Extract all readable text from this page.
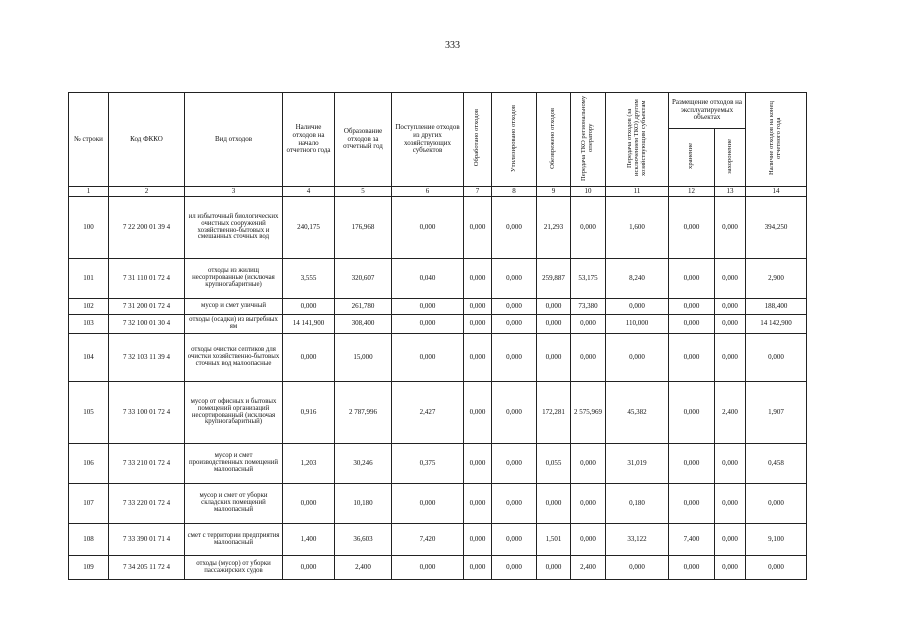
333
№ строки	Код ФККО	Вид отходов	Наличие отходов на начало отчетного года	Образование отходов за отчетный год	Поступление отходов из других хозяйствующих субъектов	Обработано отходов	Утилизировано отходов	Обезврежено отходов	Передача ТКО региональному оператору	Передача отходов (за исключением ТКО) другим хозяйствующим субъектам	Размещение отходов на эксплуатируемых объектах		Наличие отходов на конец отчетного года
											хранение	захоронение	
1	2	3	4	5	6	7	8	9	10	11	12	13	14
100	7 22 200 01 39 4	ил избыточный биологических очистных сооружений хозяйственно-бытовых и смешанных сточных вод	240,175	176,968	0,000	0,000	0,000	21,293	0,000	1,600	0,000	0,000	394,250
101	7 31 110 01 72 4	отходы из жилищ несортированные (исключая крупногабаритные)	3,555	320,607	0,040	0,000	0,000	259,887	53,175	8,240	0,000	0,000	2,900
102	7 31 200 01 72 4	мусор и смет уличный	0,000	261,780	0,000	0,000	0,000	0,000	73,380	0,000	0,000	0,000	188,400
103	7 32 100 01 30 4	отходы (осадки) из выгребных ям	14 141,900	308,400	0,000	0,000	0,000	0,000	0,000	110,000	0,000	0,000	14 142,900
104	7 32 103 11 39 4	отходы очистки септиков для очистки хозяйственно-бытовых сточных вод малоопасные	0,000	15,000	0,000	0,000	0,000	0,000	0,000	0,000	0,000	0,000	0,000
105	7 33 100 01 72 4	мусор от офисных и бытовых помещений организаций несортированный (исключая крупногабаритный)	0,916	2 787,996	2,427	0,000	0,000	172,281	2 575,969	45,382	0,000	2,400	1,907
106	7 33 210 01 72 4	мусор и смет производственных помещений малоопасный	1,203	30,246	0,375	0,000	0,000	0,055	0,000	31,019	0,000	0,000	0,458
107	7 33 220 01 72 4	мусор и смет от уборки складских помещений малоопасный	0,000	10,180	0,000	0,000	0,000	0,000	0,000	0,180	0,000	0,000	0,000
108	7 33 390 01 71 4	смет с территории предприятия малоопасный	1,400	36,603	7,420	0,000	0,000	1,501	0,000	33,122	7,400	0,000	9,100
109	7 34 205 11 72 4	отходы (мусор) от уборки пассажирских судов	0,000	2,400	0,000	0,000	0,000	0,000	2,400	0,000	0,000	0,000	0,000
